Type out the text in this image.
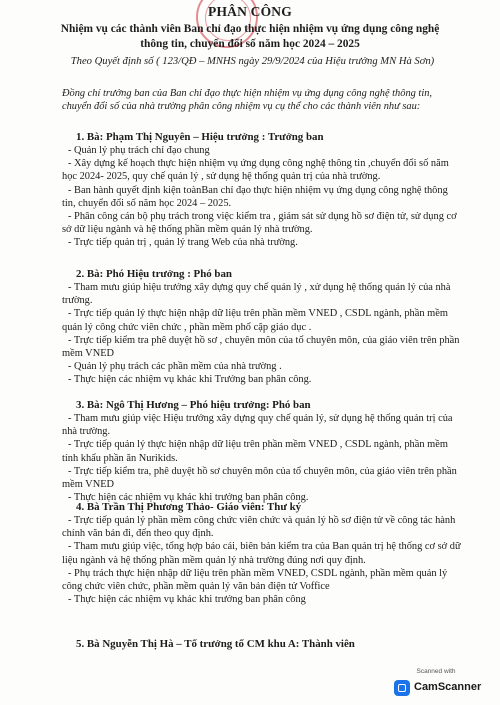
PHÂN CÔNG
Nhiệm vụ các thành viên Ban chỉ đạo thực hiện nhiệm vụ ứng dụng công nghệ thông tin, chuyển đổi số năm học 2024 – 2025
Theo Quyết định số ( 123/QĐ – MNHS ngày 29/9/2024 của Hiệu trưởng MN Hà Sơn)
Đồng chí trưởng ban của Ban chỉ đạo thực hiện nhiệm vụ ứng dụng công nghệ thông tin, chuyển đổi số của nhà trường phân công nhiệm vụ cụ thể cho các thành viên như sau:

1. Bà: Phạm Thị Nguyên – Hiệu trưởng : Trưởng ban

- Quản lý phụ trách chỉ đạo chung

- Xây dựng kế hoạch thực hiện nhiệm vụ ứng dụng công nghệ thông tin ,chuyển đổi số năm học 2024- 2025, quy chế quản lý , sử dụng hệ thống quản trị của nhà trường.

- Ban hành quyết định kiện toànBan chỉ đạo thực hiện nhiệm vụ ứng dụng công nghệ thông tin, chuyển đổi số năm học 2024 – 2025.

- Phân công cán bộ phụ trách trong việc kiểm tra , giám sát sử dụng hồ sơ điện tử, sử dụng cơ sở dữ liệu ngành và hệ thống phần mềm quản lý nhà trường.

- Trực tiếp quản trị , quản lý trang Web của nhà trường.

2. Bà: Phó Hiệu trưởng : Phó ban

- Tham mưu giúp hiệu trưởng xây dựng quy chế quản lý , xử dụng hệ thống quản lý của nhà trường.

- Trực tiếp quản lý thực hiện nhập dữ liệu trên phần mềm VNED , CSDL ngành, phần mềm quản lý công chức viên chức , phần mềm phổ cập giáo dục .

- Trực tiếp kiểm tra phê duyệt hồ sơ , chuyên môn của tổ chuyên môn, của giáo viên trên phần mềm VNED

- Quản lý phụ trách các phần mềm của nhà trường .

- Thực hiện các nhiệm vụ khác khi Trưởng ban phân công.

3. Bà: Ngô Thị Hương – Phó hiệu trưởng: Phó ban

- Tham mưu giúp việc Hiệu trưởng xây dựng quy chế quản lý, sử dụng hệ thống quản trị của nhà trường.

- Trực tiếp quản lý thực hiện nhập dữ liệu trên phần mềm VNED , CSDL ngành, phần mềm tính khẩu phần ăn Nurikids.

- Trực tiếp kiểm tra, phê duyệt hồ sơ chuyên môn của tổ chuyên môn, của giáo viên trên phần mềm VNED

- Thực hiện các nhiệm vụ khác khi trưởng ban phân công.

4. Bà Trần Thị Phương Thảo- Giáo viên: Thư ký

- Trực tiếp quản lý phần mềm công chức viên chức và quản lý hồ sơ điện tử về công tác hành chính văn bản đi, đến theo quy định.

- Tham mưu giúp việc, tổng hợp báo cái, biên bản kiểm tra của Ban quản trị hệ thống cơ sở dữ liệu ngành và hệ thống phần mềm quản lý nhà trường đúng nơi quy định.

- Phụ trách thực hiện nhập dữ liệu trên phần mềm VNED, CSDL ngành, phần mềm quản lý công chức viên chức, phần mềm quản lý văn bản điện tử Voffice

- Thực hiện các nhiệm vụ khác khi trưởng ban phân công

5. Bà Nguyễn Thị Hà – Tổ trưởng tổ CM khu A: Thành viên

Scanned with
CamScanner
